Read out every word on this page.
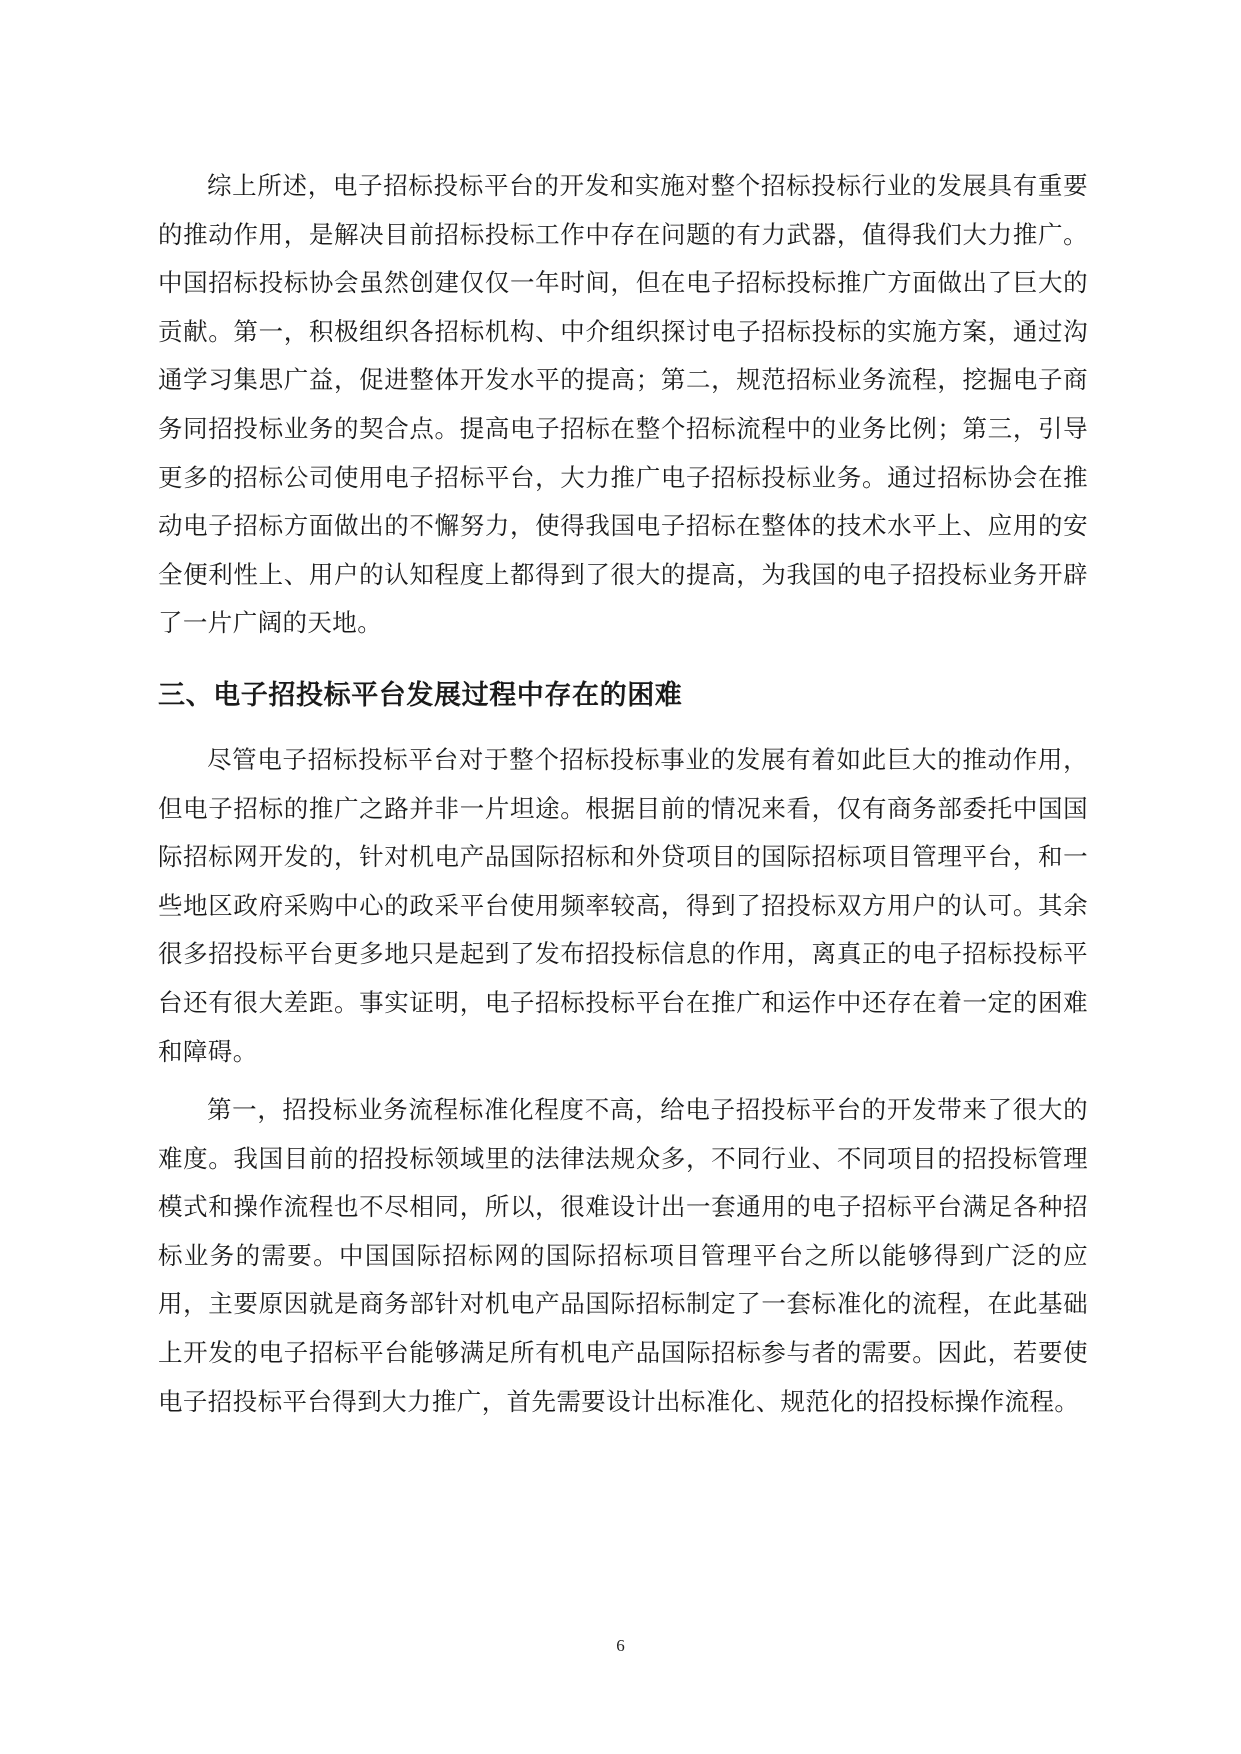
综上所述，电子招标投标平台的开发和实施对整个招标投标行业的发展具有重要的推动作用，是解决目前招标投标工作中存在问题的有力武器，值得我们大力推广。中国招标投标协会虽然创建仅仅一年时间，但在电子招标投标推广方面做出了巨大的贡献。第一，积极组织各招标机构、中介组织探讨电子招标投标的实施方案，通过沟通学习集思广益，促进整体开发水平的提高；第二，规范招标业务流程，挖掘电子商务同招投标业务的契合点。提高电子招标在整个招标流程中的业务比例；第三，引导更多的招标公司使用电子招标平台，大力推广电子招标投标业务。通过招标协会在推动电子招标方面做出的不懈努力，使得我国电子招标在整体的技术水平上、应用的安全便利性上、用户的认知程度上都得到了很大的提高，为我国的电子招投标业务开辟了一片广阔的天地。

三、电子招投标平台发展过程中存在的困难

尽管电子招标投标平台对于整个招标投标事业的发展有着如此巨大的推动作用，但电子招标的推广之路并非一片坦途。根据目前的情况来看，仅有商务部委托中国国际招标网开发的，针对机电产品国际招标和外贷项目的国际招标项目管理平台，和一些地区政府采购中心的政采平台使用频率较高，得到了招投标双方用户的认可。其余很多招投标平台更多地只是起到了发布招投标信息的作用，离真正的电子招标投标平台还有很大差距。事实证明，电子招标投标平台在推广和运作中还存在着一定的困难和障碍。

第一，招投标业务流程标准化程度不高，给电子招投标平台的开发带来了很大的难度。我国目前的招投标领域里的法律法规众多，不同行业、不同项目的招投标管理模式和操作流程也不尽相同，所以，很难设计出一套通用的电子招标平台满足各种招标业务的需要。中国国际招标网的国际招标项目管理平台之所以能够得到广泛的应用，主要原因就是商务部针对机电产品国际招标制定了一套标准化的流程，在此基础上开发的电子招标平台能够满足所有机电产品国际招标参与者的需要。因此，若要使电子招投标平台得到大力推广，首先需要设计出标准化、规范化的招投标操作流程。

6
